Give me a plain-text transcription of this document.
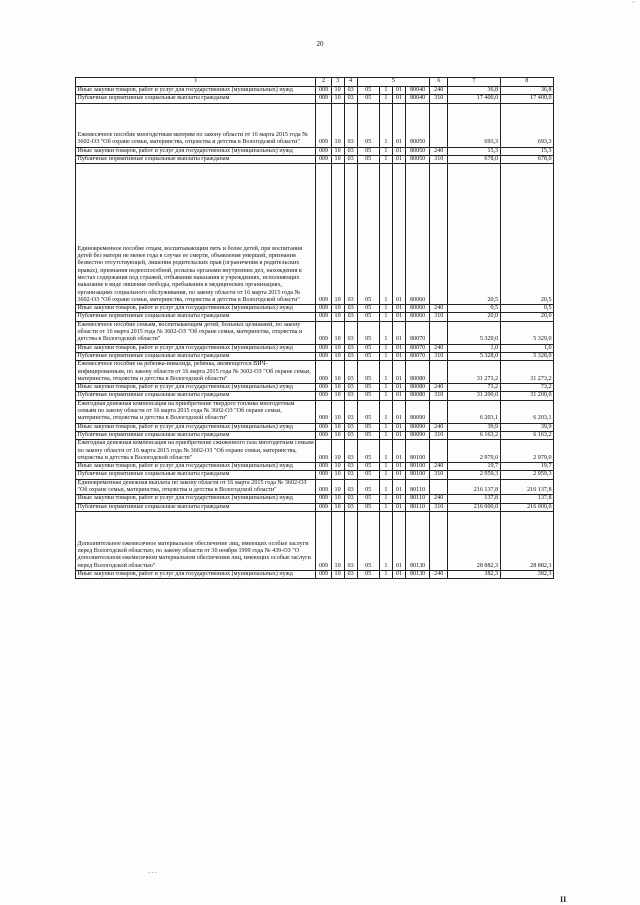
~
20
1	2	3	4	5				6	7	8
Иные закупки товаров, работ и услуг для государственных (муниципальных) нужд	009	10	03	05	1	01	80040	240	36,8	36,8
Публичные нормативные социальные выплаты гражданам	009	10	03	05	1	01	80040	310	17 400,0	17 400,0
Ежемесячное пособие многодетным матерям по закону области от 16 марта 2015 года № 3602-ОЗ "Об охране семьи, материнства, отцовства и детства в Вологодской области"	009	10	03	05	1	01	80050		693,3	693,3
Иные закупки товаров, работ и услуг для государственных (муниципальных) нужд	009	10	03	05	1	01	80050	240	15,3	15,3
Публичные нормативные социальные выплаты гражданам	009	10	03	05	1	01	80050	310	678,0	678,0
Единовременное пособие отцам, воспитывающим пять и более детей, при воспитании детей без матери не менее года в случае ее смерти, объявления умершей, признания безвестно отсутствующей, лишения родительских прав (ограничения в родительских правах), признания недееспособной, розыска органами внутренних дел, нахождения в местах содержания под стражей, отбывания наказания в учреждениях, исполняющих наказание в виде лишения свободы, пребывания в медицинских организациях, организациях социального обслуживания, по закону области от 16 марта 2015 года № 3602-ОЗ "Об охране семьи, материнства, отцовства и детства в Вологодской области"	009	10	03	05	1	01	80060		20,5	20,5
Иные закупки товаров, работ и услуг для государственных (муниципальных) нужд	009	10	03	05	1	01	80060	240	0,5	0,5
Публичные нормативные социальные выплаты гражданам	009	10	03	05	1	01	80060	310	20,0	20,0
Ежемесячное пособие семьям, воспитывающим детей, больных целиакией, по закону области от 16 марта 2015 года № 3602-ОЗ "Об охране семьи, материнства, отцовства и детства в Вологодской области"	009	10	03	05	1	01	80070		5 329,0	5 329,0
Иные закупки товаров, работ и услуг для государственных (муниципальных) нужд	009	10	03	05	1	01	80070	240	1,0	1,0
Публичные нормативные социальные выплаты гражданам	009	10	03	05	1	01	80070	310	5 328,0	5 328,0
Ежемесячное пособие на ребенка-инвалида, ребенка, являющегося ВИЧ-инфицированным, по закону области от 16 марта 2015 года № 3602-ОЗ "Об охране семьи, материнства, отцовства и детства в Вологодской области"	009	10	03	05	1	01	80080		31 273,2	31 273,2
Иные закупки товаров, работ и услуг для государственных (муниципальных) нужд	009	10	03	05	1	01	80080	240	73,2	73,2
Публичные нормативные социальные выплаты гражданам	009	10	03	05	1	01	80080	310	31 200,0	31 200,0
Ежегодная денежная компенсация на приобретение твердого топлива многодетным семьям по закону области от 16 марта 2015 года № 3602-ОЗ "Об охране семьи, материнства, отцовства и детства в Вологодской области"	009	10	03	05	1	01	80090		6 203,1	6 203,1
Иные закупки товаров, работ и услуг для государственных (муниципальных) нужд	009	10	03	05	1	01	80090	240	39,9	39,9
Публичные нормативные социальные выплаты гражданам	009	10	03	05	1	01	80090	310	6 163,2	6 163,2
Ежегодная денежная компенсация на приобретение сжиженного газа многодетным семьям по закону области от 16 марта 2015 года № 3602-ОЗ "Об охране семьи, материнства, отцовства и детства в Вологодской области"	009	10	03	05	1	01	80100		2 979,0	2 979,0
Иные закупки товаров, работ и услуг для государственных (муниципальных) нужд	009	10	03	05	1	01	80100	240	19,7	19,7
Публичные нормативные социальные выплаты гражданам	009	10	03	05	1	01	80100	310	2 959,3	2 959,3
Единовременная денежная выплата по закону области от 16 марта 2015 года № 3602-ОЗ "Об охране семьи, материнства, отцовства и детства в Вологодской области"	009	10	03	05	1	01	80110		216 137,8	216 137,8
Иные закупки товаров, работ и услуг для государственных (муниципальных) нужд	009	10	03	05	1	01	80110	240	137,8	137,8
Публичные нормативные социальные выплаты гражданам	009	10	03	05	1	01	80110	310	216 000,0	216 000,0
Дополнительное ежемесячное материальное обеспечение лиц, имеющих особые заслуги перед Вологодской областью, по закону области от 30 ноября 1999 года № 439-ОЗ "О дополнительном ежемесячном материальном обеспечении лиц, имеющих особые заслуги перед Вологодской областью"	009	10	03	05	1	01	80130		28 882,3	28 882,3
Иные закупки товаров, работ и услуг для государственных (муниципальных) нужд	009	10	03	05	1	01	80130	240	382,3	382,3
- - -
II
